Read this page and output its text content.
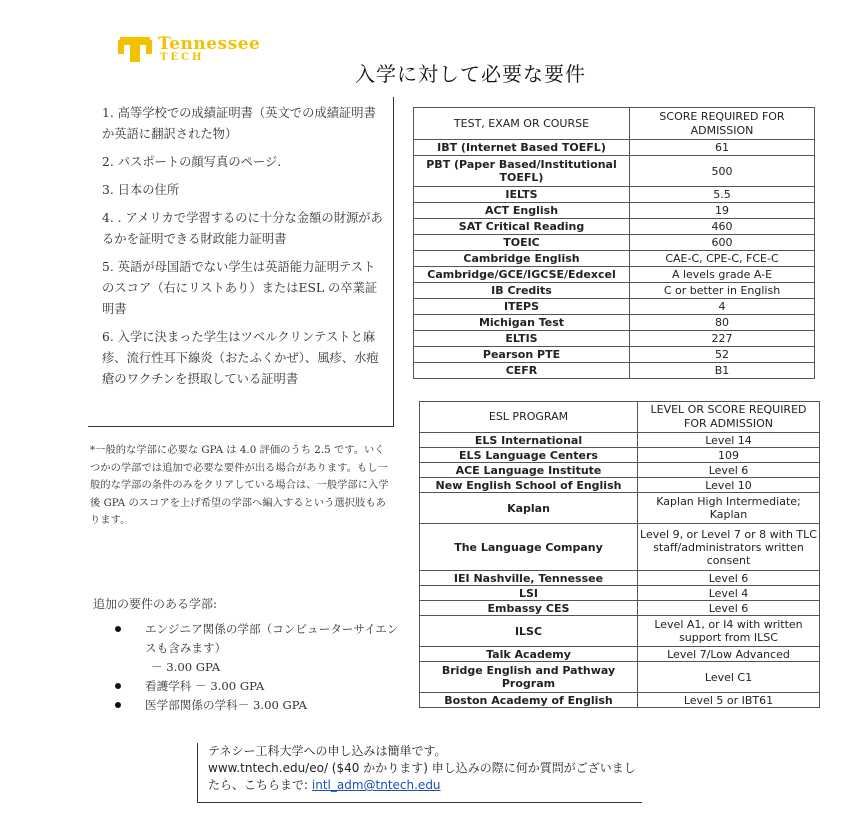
Tennessee
TECH
入学に対して必要な要件

1. 高等学校での成績証明書（英文での成績証明書か英語に翻訳された物）

2. パスポートの顔写真のページ.

3. 日本の住所

4. . アメリカで学習するのに十分な金額の財源があるかを証明できる財政能力証明書

5. 英語が母国語でない学生は英語能力証明テストのスコア（右にリストあり）またはESL の卒業証明書

6. 入学に決まった学生はツベルクリンテストと麻疹、流行性耳下線炎（おたふくかぜ）、風疹、水疱瘡のワクチンを摂取している証明書

*一般的な学部に必要な GPA は 4.0 評価のうち 2.5 です。いくつかの学部では追加で必要な要件が出る場合があります。もし一般的な学部の条件のみをクリアしている場合は、一般学部に入学後 GPA のスコアを上げ希望の学部へ編入するという選択肢もあります。
追加の要件のある学部:
エンジニア関係の学部（コンピューターサイエンスも含みます）
－ 3.00 GPA
看護学科 － 3.00 GPA
医学部関係の学科－ 3.00 GPA
TEST, EXAM OR COURSE	SCORE REQUIRED FOR ADMISSION
IBT (Internet Based TOEFL)	61
PBT (Paper Based/Institutional TOEFL)	500
IELTS	5.5
ACT English	19
SAT Critical Reading	460
TOEIC	600
Cambridge English	CAE-C, CPE-C, FCE-C
Cambridge/GCE/IGCSE/Edexcel	A levels grade A-E
IB Credits	C or better in English
ITEPS	4
Michigan Test	80
ELTIS	227
Pearson PTE	52
CEFR	B1
ESL PROGRAM	LEVEL OR SCORE REQUIRED FOR ADMISSION
ELS International	Level 14
ELS Language Centers	109
ACE Language Institute	Level 6
New English School of English	Level 10
Kaplan	Kaplan High Intermediate; Kaplan
The Language Company	Level 9, or Level 7 or 8 with TLC staff/administrators written consent
IEI Nashville, Tennessee	Level 6
LSI	Level 4
Embassy CES	Level 6
ILSC	Level A1, or I4 with written support from ILSC
Talk Academy	Level 7/Low Advanced
Bridge English and Pathway Program	Level C1
Boston Academy of English	Level 5 or IBT61
テネシー工科大学への申し込みは簡単です。
www.tntech.edu/eo/ ($40 かかります) 申し込みの際に何か質問がございましたら、こちらまで: intl_adm@tntech.edu
